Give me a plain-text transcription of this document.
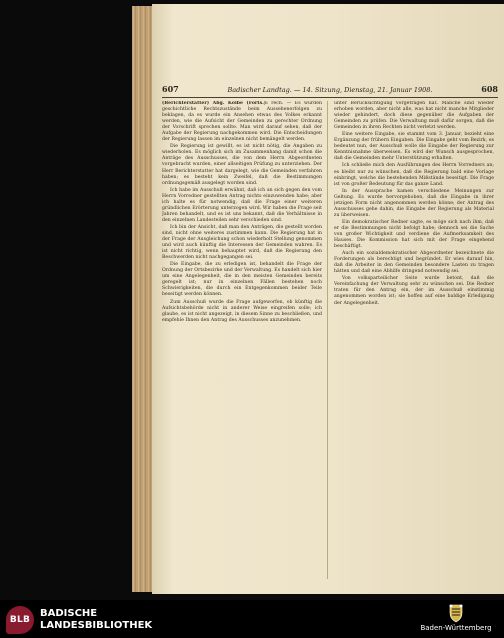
607	Badischer Landtag. — 14. Sitzung, Dienstag, 21. Januar 1908.	608

(Berichterstatter) Abg. Kölbe (Forts.): rech. — Es wurden geschichtliche Rechtszustände beim Aussehenerfolgen zu beklagen, da es wurde ein Ansehen etwas des Volkes erkannt werden, wie die Aufsicht der Gemeinden zu gerechter Ordnung der Vorschrift sprechen sollte. Man wird darauf sehen, daß der Aufgabe der Regierung nachgekommen wird. Die Entscheidungen der Regierung lassen im einzelnen nicht bemängelt werden.

Die Regierung ist gewillt, es ist nicht nötig, die Angaben zu wiederholen. Es möglich sich im Zusammenhang damit schon die Anträge des Ausschusses, die von dem Herrn Abgeordneten vorgebracht wurden, einer allseitigen Prüfung zu unterziehen. Der Herr Berichterstatter hat dargelegt, wie die Gemeinden verfahren haben; es besteht kein Zweifel, daß die Bestimmungen ordnungsgemäß ausgelegt worden sind.

Ich habe im Ausschuß erwähnt, daß ich an sich gegen den vom Herrn Vorredner gestellten Antrag nichts einzuwenden habe; aber ich halte es für notwendig, daß die Frage einer weiteren gründlichen Erörterung unterzogen wird. Wir haben die Frage seit Jahren behandelt, und es ist uns bekannt, daß die Verhältnisse in den einzelnen Landesteilen sehr verschieden sind.

Ich bin der Ansicht, daß man den Anträgen, die gestellt worden sind, nicht ohne weiteres zustimmen kann. Die Regierung hat in der Frage der Ausgleichung schon wiederholt Stellung genommen und wird auch künftig die Interessen der Gemeinden wahren. Es ist nicht richtig, wenn behauptet wird, daß die Regierung den Beschwerden nicht nachgegangen sei.

Die Eingabe, die zu erledigen ist, behandelt die Frage der Ordnung der Ortsbezirke und der Verwaltung. Es handelt sich hier um eine Angelegenheit, die in den meisten Gemeinden bereits geregelt ist; nur in einzelnen Fällen bestehen noch Schwierigkeiten, die durch ein Entgegenkommen beider Teile beseitigt werden können.

Zum Ausschuß wurde die Frage aufgeworfen, ob künftig die Aufsichtsbehörde nicht in anderer Weise eingreifen solle; ich glaube, es ist nicht angezeigt, in diesem Sinne zu beschließen, und empfehle Ihnen den Antrag des Ausschusses anzunehmen.

unter Berücksichtigung vorgetragen hat. Manche sind wieder erhoben worden, aber nicht alle, was hat nicht manche Mitglieder wieder gehindert, doch diese gegenüber die Aufgaben der Gemeinden zu prüfen. Die Verwaltung muß dafür sorgen, daß die Gemeinden in ihren Rechten nicht verletzt werden.

Eine weitere Eingabe, sie stammt vom 3. Januar, bezieht eine Ergänzung der frühern Eingaben. Die Eingabe geht vom Bezirk, es bedeutet nun, der Ausschuß wolle die Eingabe der Regierung zur Kenntnisnahme überweisen. Es wird der Wunsch ausgesprochen, daß die Gemeinden mehr Unterstützung erhalten.

Ich schließe mich den Ausführungen des Herrn Vorredners an; es bleibt nur zu wünschen, daß die Regierung bald eine Vorlage einbringt, welche die bestehenden Mißstände beseitigt. Die Frage ist von großer Bedeutung für das ganze Land.

In der Aussprache kamen verschiedene Meinungen zur Geltung. Es wurde hervorgehoben, daß die Eingabe in ihrer jetzigen Form nicht angenommen werden könne; der Antrag des Ausschusses gehe dahin, die Eingabe der Regierung als Material zu überweisen.

Ein demokratischer Redner sagte, es möge sich nach ihm, daß er die Bestimmungen nicht befolgt habe; dennoch sei die Sache von großer Wichtigkeit und verdiene die Aufmerksamkeit des Hauses. Die Kommission hat sich mit der Frage eingehend beschäftigt.

Auch ein sozialdemokratischer Abgeordneter bezeichnete die Forderungen als berechtigt und begründet. Er wies darauf hin, daß die Arbeiter in den Gemeinden besondere Lasten zu tragen hätten und daß eine Abhilfe dringend notwendig sei.

Von volksparteilicher Seite wurde betont, daß die Vereinfachung der Verwaltung sehr zu wünschen sei. Die Redner traten für den Antrag ein, der im Ausschuß einstimmig angenommen worden ist; sie hoffen auf eine baldige Erledigung der Angelegenheit.

BLB
BADISCHE
LANDESBIBLIOTHEK	Baden-Württemberg
